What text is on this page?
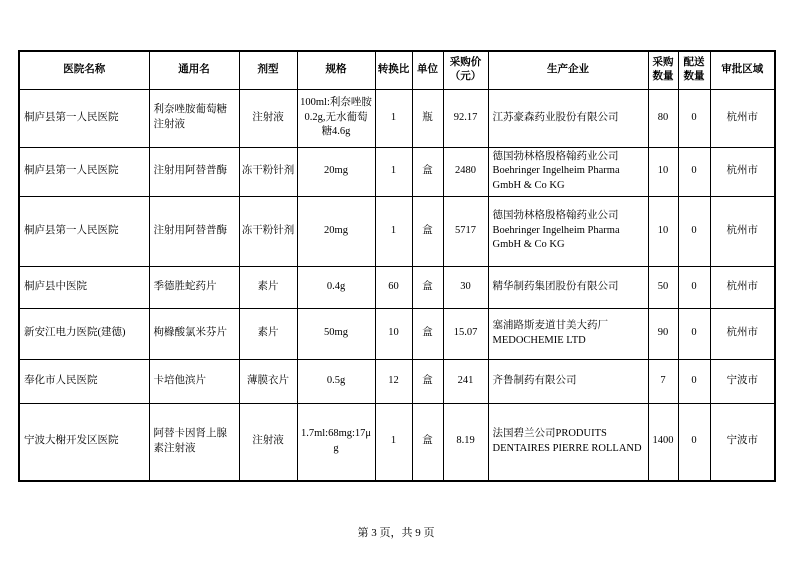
医院名称	通用名	剂型	规格	转换比	单位	采购价（元）	生产企业	采购数量	配送数量	审批区域
桐庐县第一人民医院	利奈唑胺葡萄糖注射液	注射液	100ml:利奈唑胺0.2g,无水葡萄糖4.6g	1	瓶	92.17	江苏豪森药业股份有限公司	80	0	杭州市
桐庐县第一人民医院	注射用阿替普酶	冻干粉针剂	20mg	1	盒	2480	德国勃林格殷格翰药业公司 Boehringer Ingelheim Pharma GmbH & Co KG	10	0	杭州市
桐庐县第一人民医院	注射用阿替普酶	冻干粉针剂	20mg	1	盒	5717	德国勃林格殷格翰药业公司 Boehringer Ingelheim Pharma GmbH & Co KG	10	0	杭州市
桐庐县中医院	季德胜蛇药片	素片	0.4g	60	盒	30	精华制药集团股份有限公司	50	0	杭州市
新安江电力医院(建德)	枸橼酸氯米芬片	素片	50mg	10	盒	15.07	塞浦路斯麦道甘美大药厂 MEDOCHEMIE LTD	90	0	杭州市
奉化市人民医院	卡培他滨片	薄膜衣片	0.5g	12	盒	241	齐鲁制药有限公司	7	0	宁波市
宁波大榭开发区医院	阿替卡因肾上腺素注射液	注射液	1.7ml:68mg:17μg	1	盒	8.19	法国碧兰公司PRODUITS DENTAIRES PIERRE ROLLAND	1400	0	宁波市
第 3 页，共 9 页
